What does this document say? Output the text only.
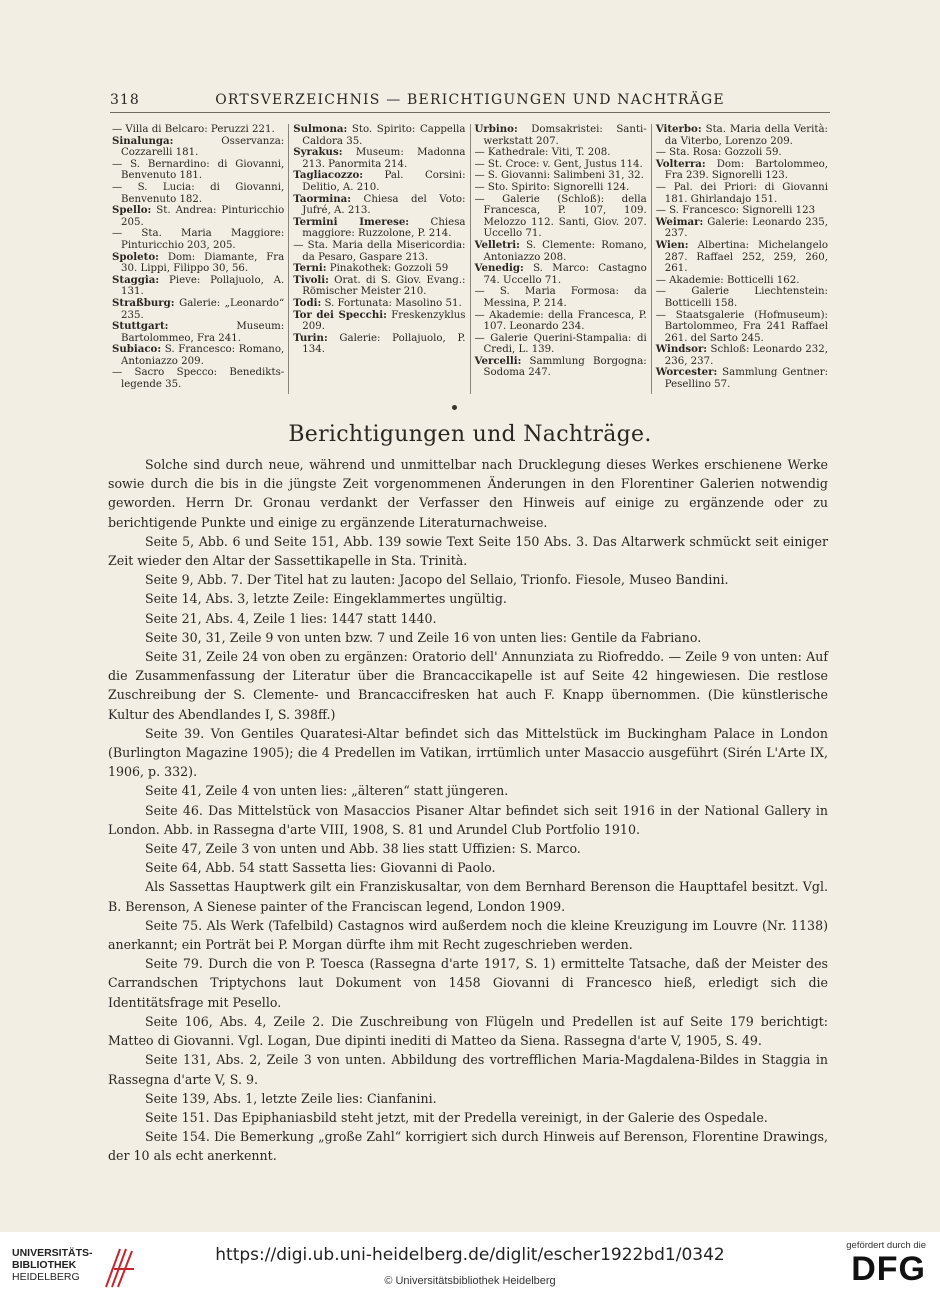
318	ORTSVERZEICHNIS — BERICHTIGUNGEN UND NACHTRÄGE

— Villa di Belcaro: Peruzzi 221.

Sinalunga: Osservanza: Cozzarelli 181.

— S. Bernardino: di Giovanni, Benvenuto 181.

— S. Lucia: di Giovanni, Benvenuto 182.

Spello: St. Andrea: Pinturicchio 205.

— Sta. Maria Maggiore: Pinturicchio 203, 205.

Spoleto: Dom: Diamante, Fra 30. Lippi, Filippo 30, 56.

Staggia: Pieve: Pollajuolo, A. 131.

Straßburg: Galerie: „Leonardo“ 235.

Stuttgart: Museum: Bartolommeo, Fra 241.

Subiaco: S. Francesco: Romano, Antoniazzo 209.

— Sacro Specco: Benedikts-legende 35.

Sulmona: Sto. Spirito: Cappella Caldora 35.

Syrakus: Museum: Madonna 213. Panormita 214.

Tagliacozzo: Pal. Corsini: Delitio, A. 210.

Taormina: Chiesa del Voto: Jufré, A. 213.

Termini Imerese: Chiesa maggiore: Ruzzolone, P. 214.

— Sta. Maria della Misericordia: da Pesaro, Gaspare 213.

Terni: Pinakothek: Gozzoli 59

Tivoli: Orat. di S. Giov. Evang.: Römischer Meister 210.

Todi: S. Fortunata: Masolino 51.

Tor dei Specchi: Freskenzyklus 209.

Turin: Galerie: Pollajuolo, P. 134.

Urbino: Domsakristei: Santi-werkstatt 207.

— Kathedrale: Viti, T. 208.

— St. Croce: v. Gent, Justus 114.

— S. Giovanni: Salimbeni 31, 32.

— Sto. Spirito: Signorelli 124.

— Galerie (Schloß): della Francesca, P. 107, 109. Melozzo 112. Santi, Giov. 207. Uccello 71.

Velletri: S. Clemente: Romano, Antoniazzo 208.

Venedig: S. Marco: Castagno 74. Uccello 71.

— S. Maria Formosa: da Messina, P. 214.

— Akademie: della Francesca, P. 107. Leonardo 234.

— Galerie Querini-Stampalia: di Credi, L. 139.

Vercelli: Sammlung Borgogna: Sodoma 247.

Viterbo: Sta. Maria della Verità: da Viterbo, Lorenzo 209.

— Sta. Rosa: Gozzoli 59.

Volterra: Dom: Bartolommeo, Fra 239. Signorelli 123.

— Pal. dei Priori: di Giovanni 181. Ghirlandajo 151.

— S. Francesco: Signorelli 123

Weimar: Galerie: Leonardo 235, 237.

Wien: Albertina: Michelangelo 287. Raffael 252, 259, 260, 261.

— Akademie: Botticelli 162.

— Galerie Liechtenstein: Botticelli 158.

— Staatsgalerie (Hofmuseum): Bartolommeo, Fra 241 Raffael 261. del Sarto 245.

Windsor: Schloß: Leonardo 232, 236, 237.

Worcester: Sammlung Gentner: Pesellino 57.

Berichtigungen und Nachträge.

Solche sind durch neue, während und unmittelbar nach Drucklegung dieses Werkes erschienene Werke sowie durch die bis in die jüngste Zeit vorgenommenen Änderungen in den Florentiner Galerien notwendig geworden. Herrn Dr. Gronau verdankt der Verfasser den Hinweis auf einige zu ergänzende oder zu berichtigende Punkte und einige zu ergänzende Literaturnachweise.

Seite 5, Abb. 6 und Seite 151, Abb. 139 sowie Text Seite 150 Abs. 3. Das Altarwerk schmückt seit einiger Zeit wieder den Altar der Sassettikapelle in Sta. Trinità.

Seite 9, Abb. 7. Der Titel hat zu lauten: Jacopo del Sellaio, Trionfo. Fiesole, Museo Bandini.

Seite 14, Abs. 3, letzte Zeile: Eingeklammertes ungültig.

Seite 21, Abs. 4, Zeile 1 lies: 1447 statt 1440.

Seite 30, 31, Zeile 9 von unten bzw. 7 und Zeile 16 von unten lies: Gentile da Fabriano.

Seite 31, Zeile 24 von oben zu ergänzen: Oratorio dell' Annunziata zu Riofreddo. — Zeile 9 von unten: Auf die Zusammenfassung der Literatur über die Brancaccikapelle ist auf Seite 42 hingewiesen. Die restlose Zuschreibung der S. Clemente- und Brancaccifresken hat auch F. Knapp übernommen. (Die künstlerische Kultur des Abendlandes I, S. 398ff.)

Seite 39. Von Gentiles Quaratesi-Altar befindet sich das Mittelstück im Buckingham Palace in London (Burlington Magazine 1905); die 4 Predellen im Vatikan, irrtümlich unter Masaccio ausgeführt (Sirén L'Arte IX, 1906, p. 332).

Seite 41, Zeile 4 von unten lies: „älteren“ statt jüngeren.

Seite 46. Das Mittelstück von Masaccios Pisaner Altar befindet sich seit 1916 in der National Gallery in London. Abb. in Rassegna d'arte VIII, 1908, S. 81 und Arundel Club Portfolio 1910.

Seite 47, Zeile 3 von unten und Abb. 38 lies statt Uffizien: S. Marco.

Seite 64, Abb. 54 statt Sassetta lies: Giovanni di Paolo.

Als Sassettas Hauptwerk gilt ein Franziskusaltar, von dem Bernhard Berenson die Haupttafel besitzt. Vgl. B. Berenson, A Sienese painter of the Franciscan legend, London 1909.

Seite 75. Als Werk (Tafelbild) Castagnos wird außerdem noch die kleine Kreuzigung im Louvre (Nr. 1138) anerkannt; ein Porträt bei P. Morgan dürfte ihm mit Recht zugeschrieben werden.

Seite 79. Durch die von P. Toesca (Rassegna d'arte 1917, S. 1) ermittelte Tatsache, daß der Meister des Carrandschen Triptychons laut Dokument von 1458 Giovanni di Francesco hieß, erledigt sich die Identitätsfrage mit Pesello.

Seite 106, Abs. 4, Zeile 2. Die Zuschreibung von Flügeln und Predellen ist auf Seite 179 berichtigt: Matteo di Giovanni. Vgl. Logan, Due dipinti inediti di Matteo da Siena. Rassegna d'arte V, 1905, S. 49.

Seite 131, Abs. 2, Zeile 3 von unten. Abbildung des vortrefflichen Maria-Magdalena-Bildes in Staggia in Rassegna d'arte V, S. 9.

Seite 139, Abs. 1, letzte Zeile lies: Cianfanini.

Seite 151. Das Epiphaniasbild steht jetzt, mit der Predella vereinigt, in der Galerie des Ospedale.

Seite 154. Die Bemerkung „große Zahl“ korrigiert sich durch Hinweis auf Berenson, Florentine Drawings, der 10 als echt anerkennt.

UNIVERSITÄTS-
BIBLIOTHEK
HEIDELBERG
https://digi.ub.uni-heidelberg.de/diglit/escher1922bd1/0342
© Universitätsbibliothek Heidelberg
gefördert durch die
DFG
